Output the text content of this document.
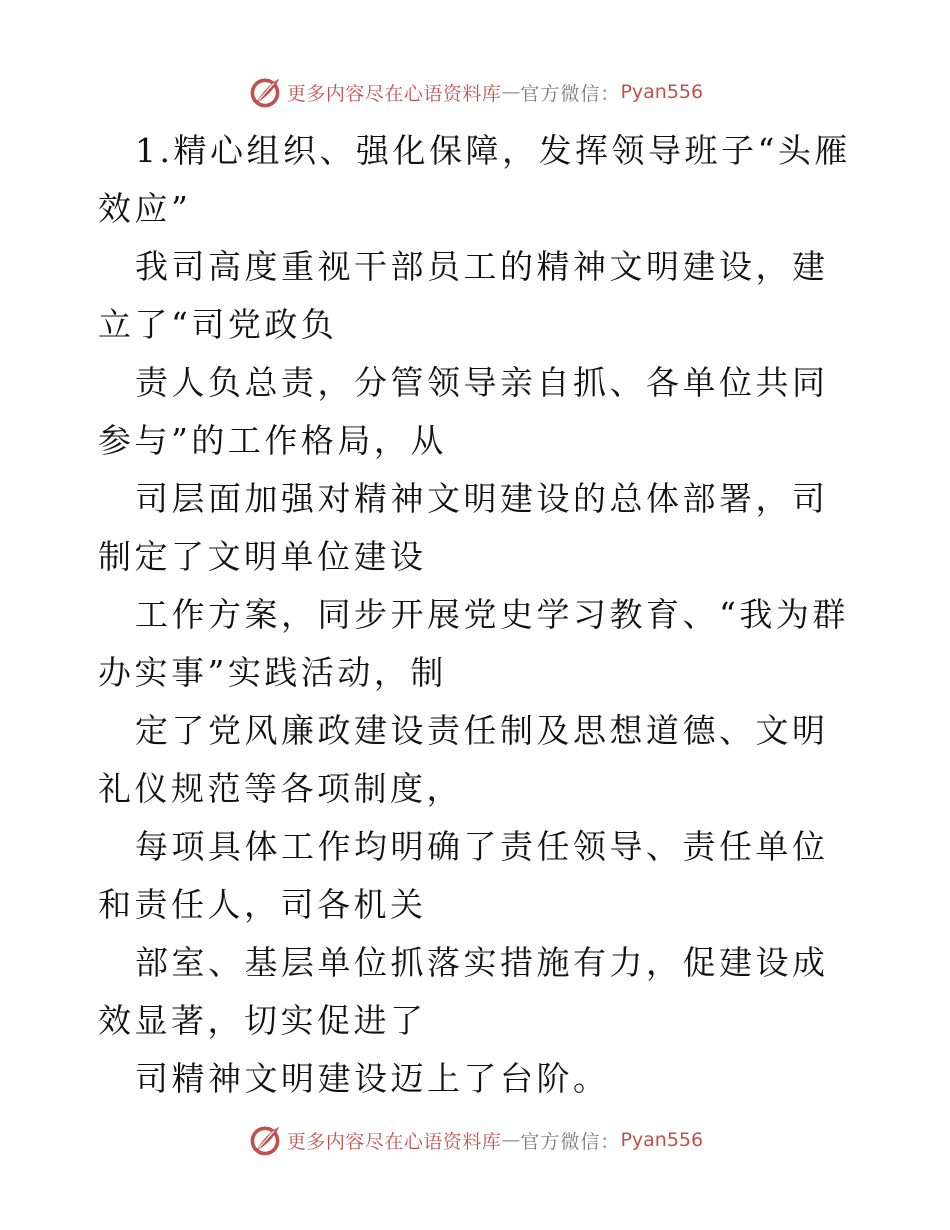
更多内容尽在心语资料库 — 官方微信： Pyan556

1.精心组织、强化保障，发挥领导班子“头雁效应”

我司高度重视干部员工的精神文明建设，建立了“司党政负

责人负总责，分管领导亲自抓、各单位共同参与”的工作格局，从

司层面加强对精神文明建设的总体部署，司制定了文明单位建设

工作方案，同步开展党史学习教育、“我为群办实事”实践活动，制

定了党风廉政建设责任制及思想道德、文明礼仪规范等各项制度，

每项具体工作均明确了责任领导、责任单位和责任人，司各机关

部室、基层单位抓落实措施有力，促建设成效显著，切实促进了

司精神文明建设迈上了台阶。

更多内容尽在心语资料库 — 官方微信： Pyan556
